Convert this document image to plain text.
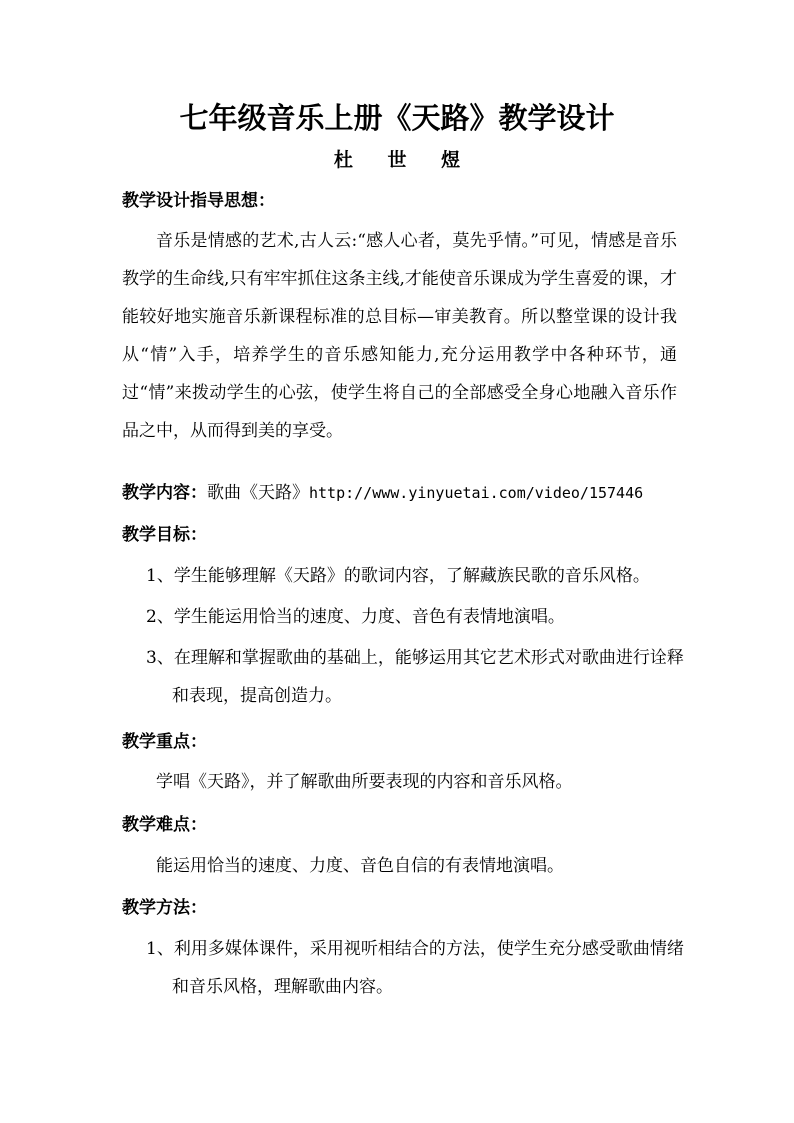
七年级音乐上册《天路》教学设计
杜 世 煜
教学设计指导思想：
音乐是情感的艺术,古人云:“感人心者，莫先乎情。”可见，情感是音乐教学的生命线,只有牢牢抓住这条主线,才能使音乐课成为学生喜爱的课，才能较好地实施音乐新课程标准的总目标—审美教育。所以整堂课的设计我从“情”入手，培养学生的音乐感知能力,充分运用教学中各种环节，通过“情”来拨动学生的心弦，使学生将自己的全部感受全身心地融入音乐作品之中，从而得到美的享受。
教学内容：歌曲《天路》http://www.yinyuetai.com/video/157446
教学目标：
1、学生能够理解《天路》的歌词内容，了解藏族民歌的音乐风格。
2、学生能运用恰当的速度、力度、音色有表情地演唱。
3、在理解和掌握歌曲的基础上，能够运用其它艺术形式对歌曲进行诠释和表现，提高创造力。
教学重点：
学唱《天路》，并了解歌曲所要表现的内容和音乐风格。
教学难点：
能运用恰当的速度、力度、音色自信的有表情地演唱。
教学方法：
1、利用多媒体课件，采用视听相结合的方法，使学生充分感受歌曲情绪和音乐风格，理解歌曲内容。
